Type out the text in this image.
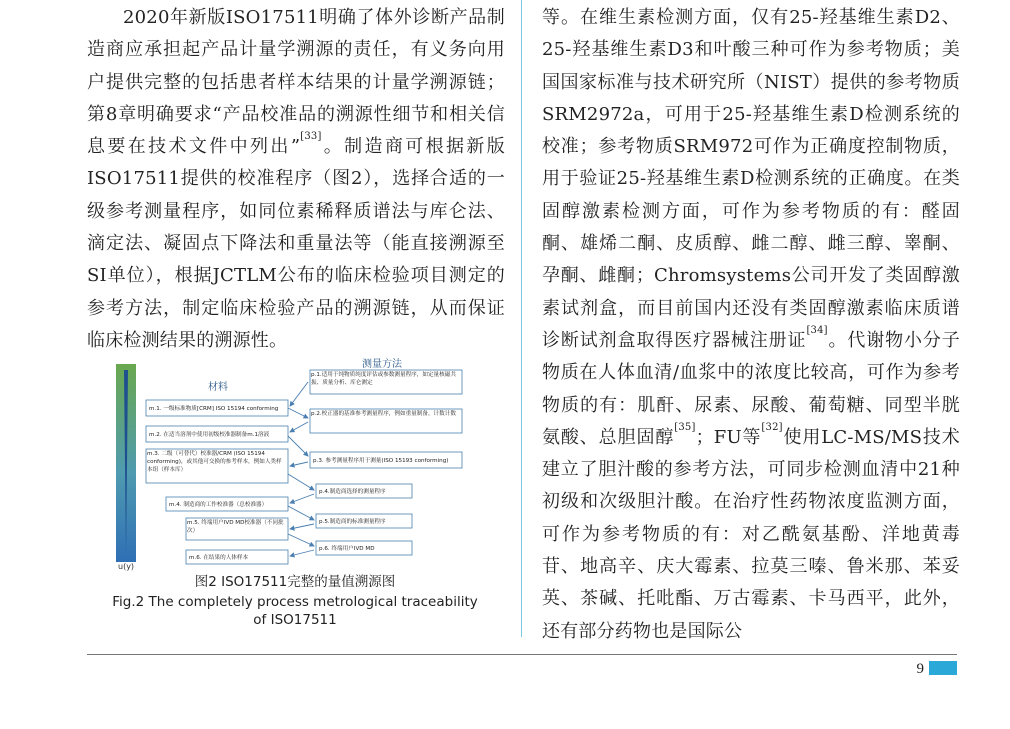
2020年新版ISO17511明确了体外诊断产品制造商应承担起产品计量学溯源的责任，有义务向用户提供完整的包括患者样本结果的计量学溯源链；第8章明确要求“产品校准品的溯源性细节和相关信息要在技术文件中列出”[33]。制造商可根据新版ISO17511提供的校准程序（图2），选择合适的一级参考测量程序，如同位素稀释质谱法与库仑法、滴定法、凝固点下降法和重量法等（能直接溯源至SI单位），根据JCTLM公布的临床检验项目测定的参考方法，制定临床检验产品的溯源链，从而保证临床检测结果的溯源性。

u(y)
材料
测量方法
m.1. 一级标准物质[CRM] ISO 15194 conforming
m.2. 在适当溶剂中使用初级校准器制备m.1溶液
m.3. 二级（可替代）校准器/CRM (ISO 15194 conforming)，或其他可交换的参考样本，例如人类样本组（样本库）
m.4. 制造商的工作校准器（总校准器）
m.5. 终端用户IVD MD校准器（不同批次）
m.6. 在结果的人体样本
p.1.适用于纯物质纯度评估或参数测量程序，如定量核磁共振、质量分析、库仑测定
p.2.校正器的基准参考测量程序，例如重量制备，计数计数
p.3. 参考测量程序用于测量(ISO 15193 conforming)
p.4.制造商选择的测量程序
p.5.制造商的标准测量程序
p.6. 终端用户IVD MD
图2 ISO17511完整的量值溯源图
Fig.2 The completely process metrological traceability
of ISO17511

等。在维生素检测方面，仅有25-羟基维生素D2、25-羟基维生素D3和叶酸三种可作为参考物质；美国国家标准与技术研究所（NIST）提供的参考物质SRM2972a，可用于25-羟基维生素D检测系统的校准；参考物质SRM972可作为正确度控制物质，用于验证25-羟基维生素D检测系统的正确度。在类固醇激素检测方面，可作为参考物质的有：醛固酮、雄烯二酮、皮质醇、雌二醇、雌三醇、睾酮、孕酮、雌酮；Chromsystems公司开发了类固醇激素试剂盒，而目前国内还没有类固醇激素临床质谱诊断试剂盒取得医疗器械注册证[34]。代谢物小分子物质在人体血清/血浆中的浓度比较高，可作为参考物质的有：肌酐、尿素、尿酸、葡萄糖、同型半胱氨酸、总胆固醇[35]；FU等[32]使用LC-MS/MS技术建立了胆汁酸的参考方法，可同步检测血清中21种初级和次级胆汁酸。在治疗性药物浓度监测方面，可作为参考物质的有：对乙酰氨基酚、洋地黄毒苷、地高辛、庆大霉素、拉莫三嗪、鲁米那、苯妥英、茶碱、托吡酯、万古霉素、卡马西平，此外，还有部分药物也是国际公

9
